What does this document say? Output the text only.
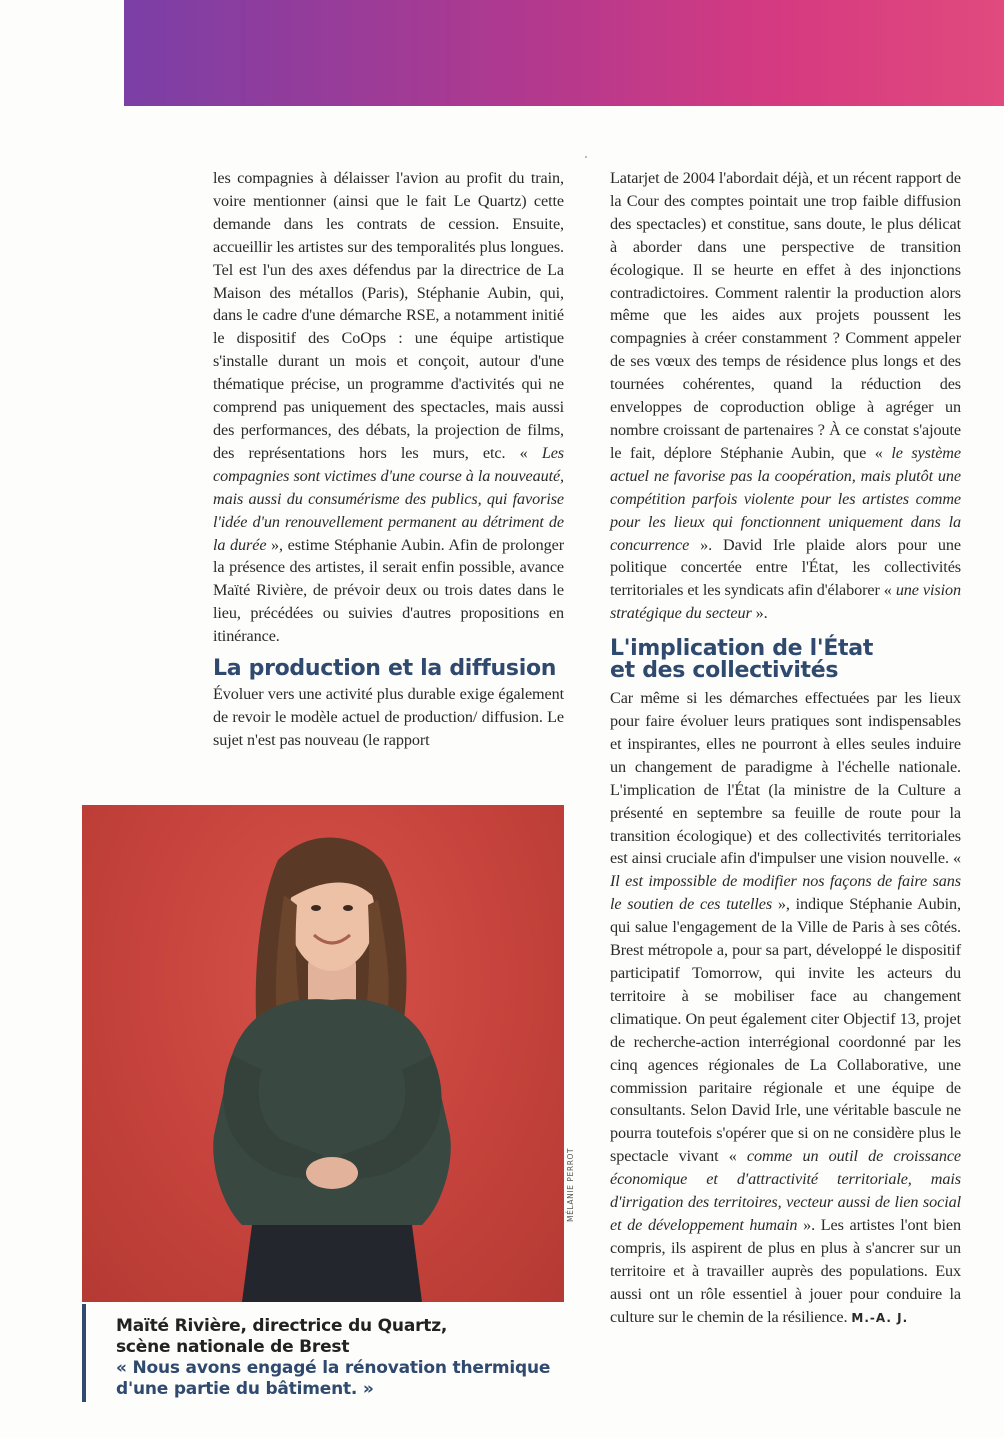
les compagnies à délaisser l'avion au profit du train, voire mentionner (ainsi que le fait Le Quartz) cette demande dans les contrats de cession. Ensuite, accueillir les artistes sur des temporalités plus longues. Tel est l'un des axes défendus par la directrice de La Maison des métallos (Paris), Stéphanie Aubin, qui, dans le cadre d'une démarche RSE, a notamment initié le dispositif des CoOps : une équipe artistique s'installe durant un mois et conçoit, autour d'une thématique précise, un programme d'activités qui ne comprend pas uniquement des spectacles, mais aussi des performances, des débats, la projection de films, des représentations hors les murs, etc. « Les compagnies sont victimes d'une course à la nouveauté, mais aussi du consumérisme des publics, qui favorise l'idée d'un renouvellement permanent au détriment de la durée », estime Stéphanie Aubin. Afin de prolonger la présence des artistes, il serait enfin possible, avance Maïté Rivière, de prévoir deux ou trois dates dans le lieu, précédées ou suivies d'autres propositions en itinérance.

La production et la diffusion

Évoluer vers une activité plus durable exige également de revoir le modèle actuel de production/ diffusion. Le sujet n'est pas nouveau (le rapport

Latarjet de 2004 l'abordait déjà, et un récent rapport de la Cour des comptes pointait une trop faible diffusion des spectacles) et constitue, sans doute, le plus délicat à aborder dans une perspective de transition écologique. Il se heurte en effet à des injonctions contradictoires. Comment ralentir la production alors même que les aides aux projets poussent les compagnies à créer constamment ? Comment appeler de ses vœux des temps de résidence plus longs et des tournées cohérentes, quand la réduction des enveloppes de coproduction oblige à agréger un nombre croissant de partenaires ? À ce constat s'ajoute le fait, déplore Stéphanie Aubin, que « le système actuel ne favorise pas la coopération, mais plutôt une compétition parfois violente pour les artistes comme pour les lieux qui fonctionnent uniquement dans la concurrence ». David Irle plaide alors pour une politique concertée entre l'État, les collectivités territoriales et les syndicats afin d'élaborer « une vision stratégique du secteur ».

L'implication de l'État
et des collectivités

Car même si les démarches effectuées par les lieux pour faire évoluer leurs pratiques sont indispensables et inspirantes, elles ne pourront à elles seules induire un changement de paradigme à l'échelle nationale. L'implication de l'État (la ministre de la Culture a présenté en septembre sa feuille de route pour la transition écologique) et des collectivités territoriales est ainsi cruciale afin d'impulser une vision nouvelle. « Il est impossible de modifier nos façons de faire sans le soutien de ces tutelles », indique Stéphanie Aubin, qui salue l'engagement de la Ville de Paris à ses côtés. Brest métropole a, pour sa part, développé le dispositif participatif Tomorrow, qui invite les acteurs du territoire à se mobiliser face au changement climatique. On peut également citer Objectif 13, projet de recherche-action interrégional coordonné par les cinq agences régionales de La Collaborative, une commission paritaire régionale et une équipe de consultants. Selon David Irle, une véritable bascule ne pourra toutefois s'opérer que si on ne considère plus le spectacle vivant « comme un outil de croissance économique et d'attractivité territoriale, mais d'irrigation des territoires, vecteur aussi de lien social et de développement humain ». Les artistes l'ont bien compris, ils aspirent de plus en plus à s'ancrer sur un territoire et à travailler auprès des populations. Eux aussi ont un rôle essentiel à jouer pour conduire la culture sur le chemin de la résilience. M.-A. J.

MÉLANIE PERROT
Maïté Rivière, directrice du Quartz,
scène nationale de Brest
« Nous avons engagé la rénovation thermique d'une partie du bâtiment. »
